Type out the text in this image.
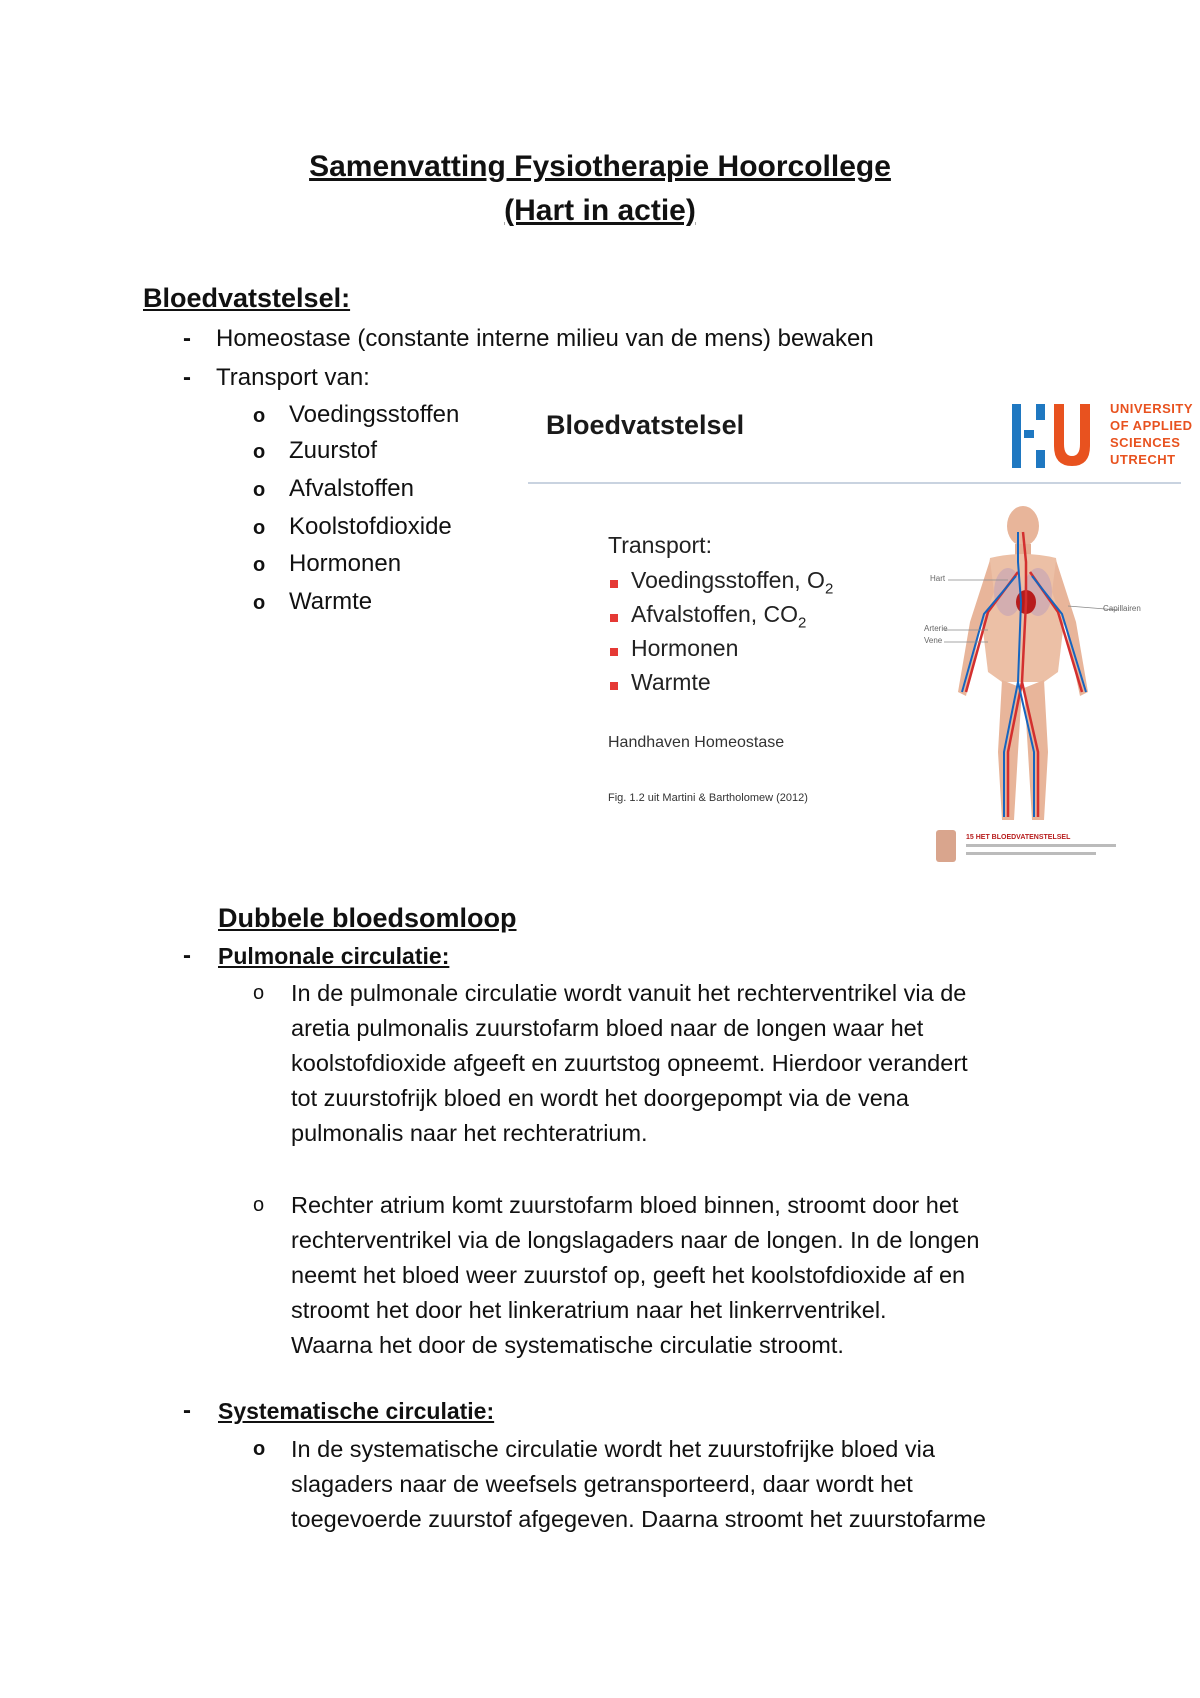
Samenvatting Fysiotherapie Hoorcollege
(Hart in actie)
Bloedvatstelsel:
- Homeostase (constante interne milieu van de mens) bewaken
- Transport van:
o Voedingsstoffen
o Zuurstof
o Afvalstoffen
o Koolstofdioxide
o Hormonen
o Warmte
Bloedvatstelsel
UNIVERSITY
OF APPLIED
SCIENCES
UTRECHT
Transport:
Voedingsstoffen, $O_2$
Afvalstoffen, $CO_2$
Hormonen
Warmte
Handhaven Homeostase
Fig. 1.2 uit Martini & Bartholomew (2012)
Hart
Capillairen
Arterie
Vene
15 HET BLOEDVATENSTELSEL
Dubbele bloedsomloop
- Pulmonale circulatie:
o In de pulmonale circulatie wordt vanuit het rechterventrikel via de
aretia pulmonalis zuurstofarm bloed naar de longen waar het
koolstofdioxide afgeeft en zuurtstog opneemt. Hierdoor verandert
tot zuurstofrijk bloed en wordt het doorgepompt via de vena
pulmonalis naar het rechteratrium.
o Rechter atrium komt zuurstofarm bloed binnen, stroomt door het
rechterventrikel via de longslagaders naar de longen. In de longen
neemt het bloed weer zuurstof op, geeft het koolstofdioxide af en
stroomt het door het linkeratrium naar het linkerrventrikel.
Waarna het door de systematische circulatie stroomt.
- Systematische circulatie:
o In de systematische circulatie wordt het zuurstofrijke bloed via
slagaders naar de weefsels getransporteerd, daar wordt het
toegevoerde zuurstof afgegeven. Daarna stroomt het zuurstofarme
